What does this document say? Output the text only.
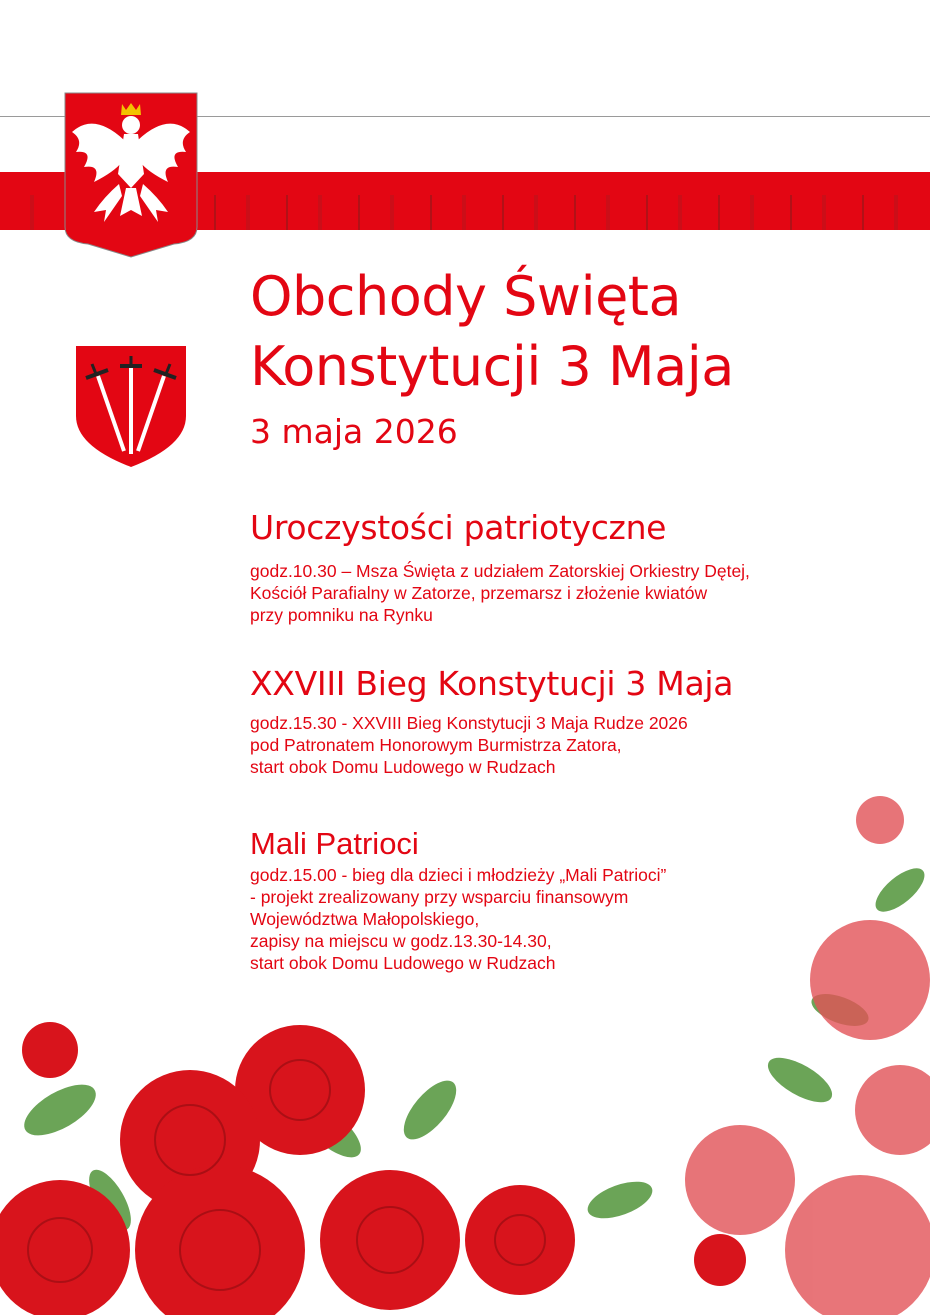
Obchody Święta
Konstytucji 3 Maja
3 maja 2026
Uroczystości patriotyczne
godz.10.30 – Msza Święta z udziałem Zatorskiej Orkiestry Dętej,
Kościół Parafialny w Zatorze, przemarsz i złożenie kwiatów
przy pomniku na Rynku
XXVIII Bieg Konstytucji 3 Maja
godz.15.30 - XXVIII Bieg Konstytucji 3 Maja Rudze 2026
pod Patronatem Honorowym Burmistrza Zatora,
start obok Domu Ludowego w Rudzach
Mali Patrioci
godz.15.00 - bieg dla dzieci i młodzieży „Mali Patrioci”
- projekt zrealizowany przy wsparciu finansowym
Województwa Małopolskiego,
zapisy na miejscu w godz.13.30-14.30,
start obok Domu Ludowego w Rudzach
